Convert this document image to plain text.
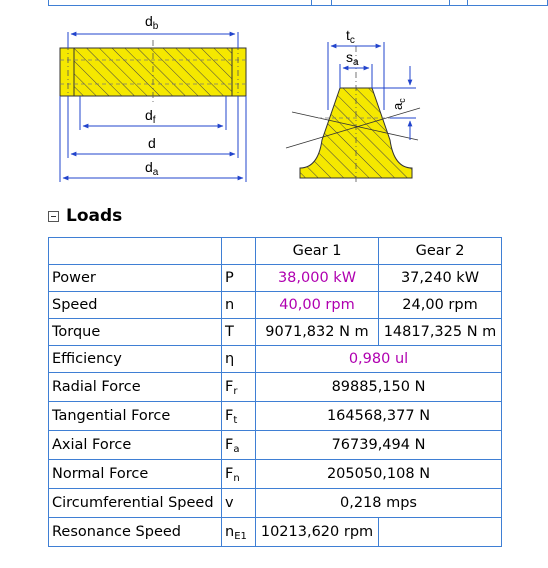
$d_b$
$d_f$
d
$d_a$
$t_c$
$s_a$
$a_c$
Loads
		Gear 1	Gear 2
Power	P	38,000 kW	37,240 kW
Speed	n	40,00 rpm	24,00 rpm
Torque	T	9071,832 N m	14817,325 N m
Efficiency	η	0,980 ul	
Radial Force	$F_r$	89885,150 N	
Tangential Force	$F_t$	164568,377 N	
Axial Force	$F_a$	76739,494 N	
Normal Force	$F_n$	205050,108 N	
Circumferential Speed	v	0,218 mps	
Resonance Speed	$n_{E1}$	10213,620 rpm	
